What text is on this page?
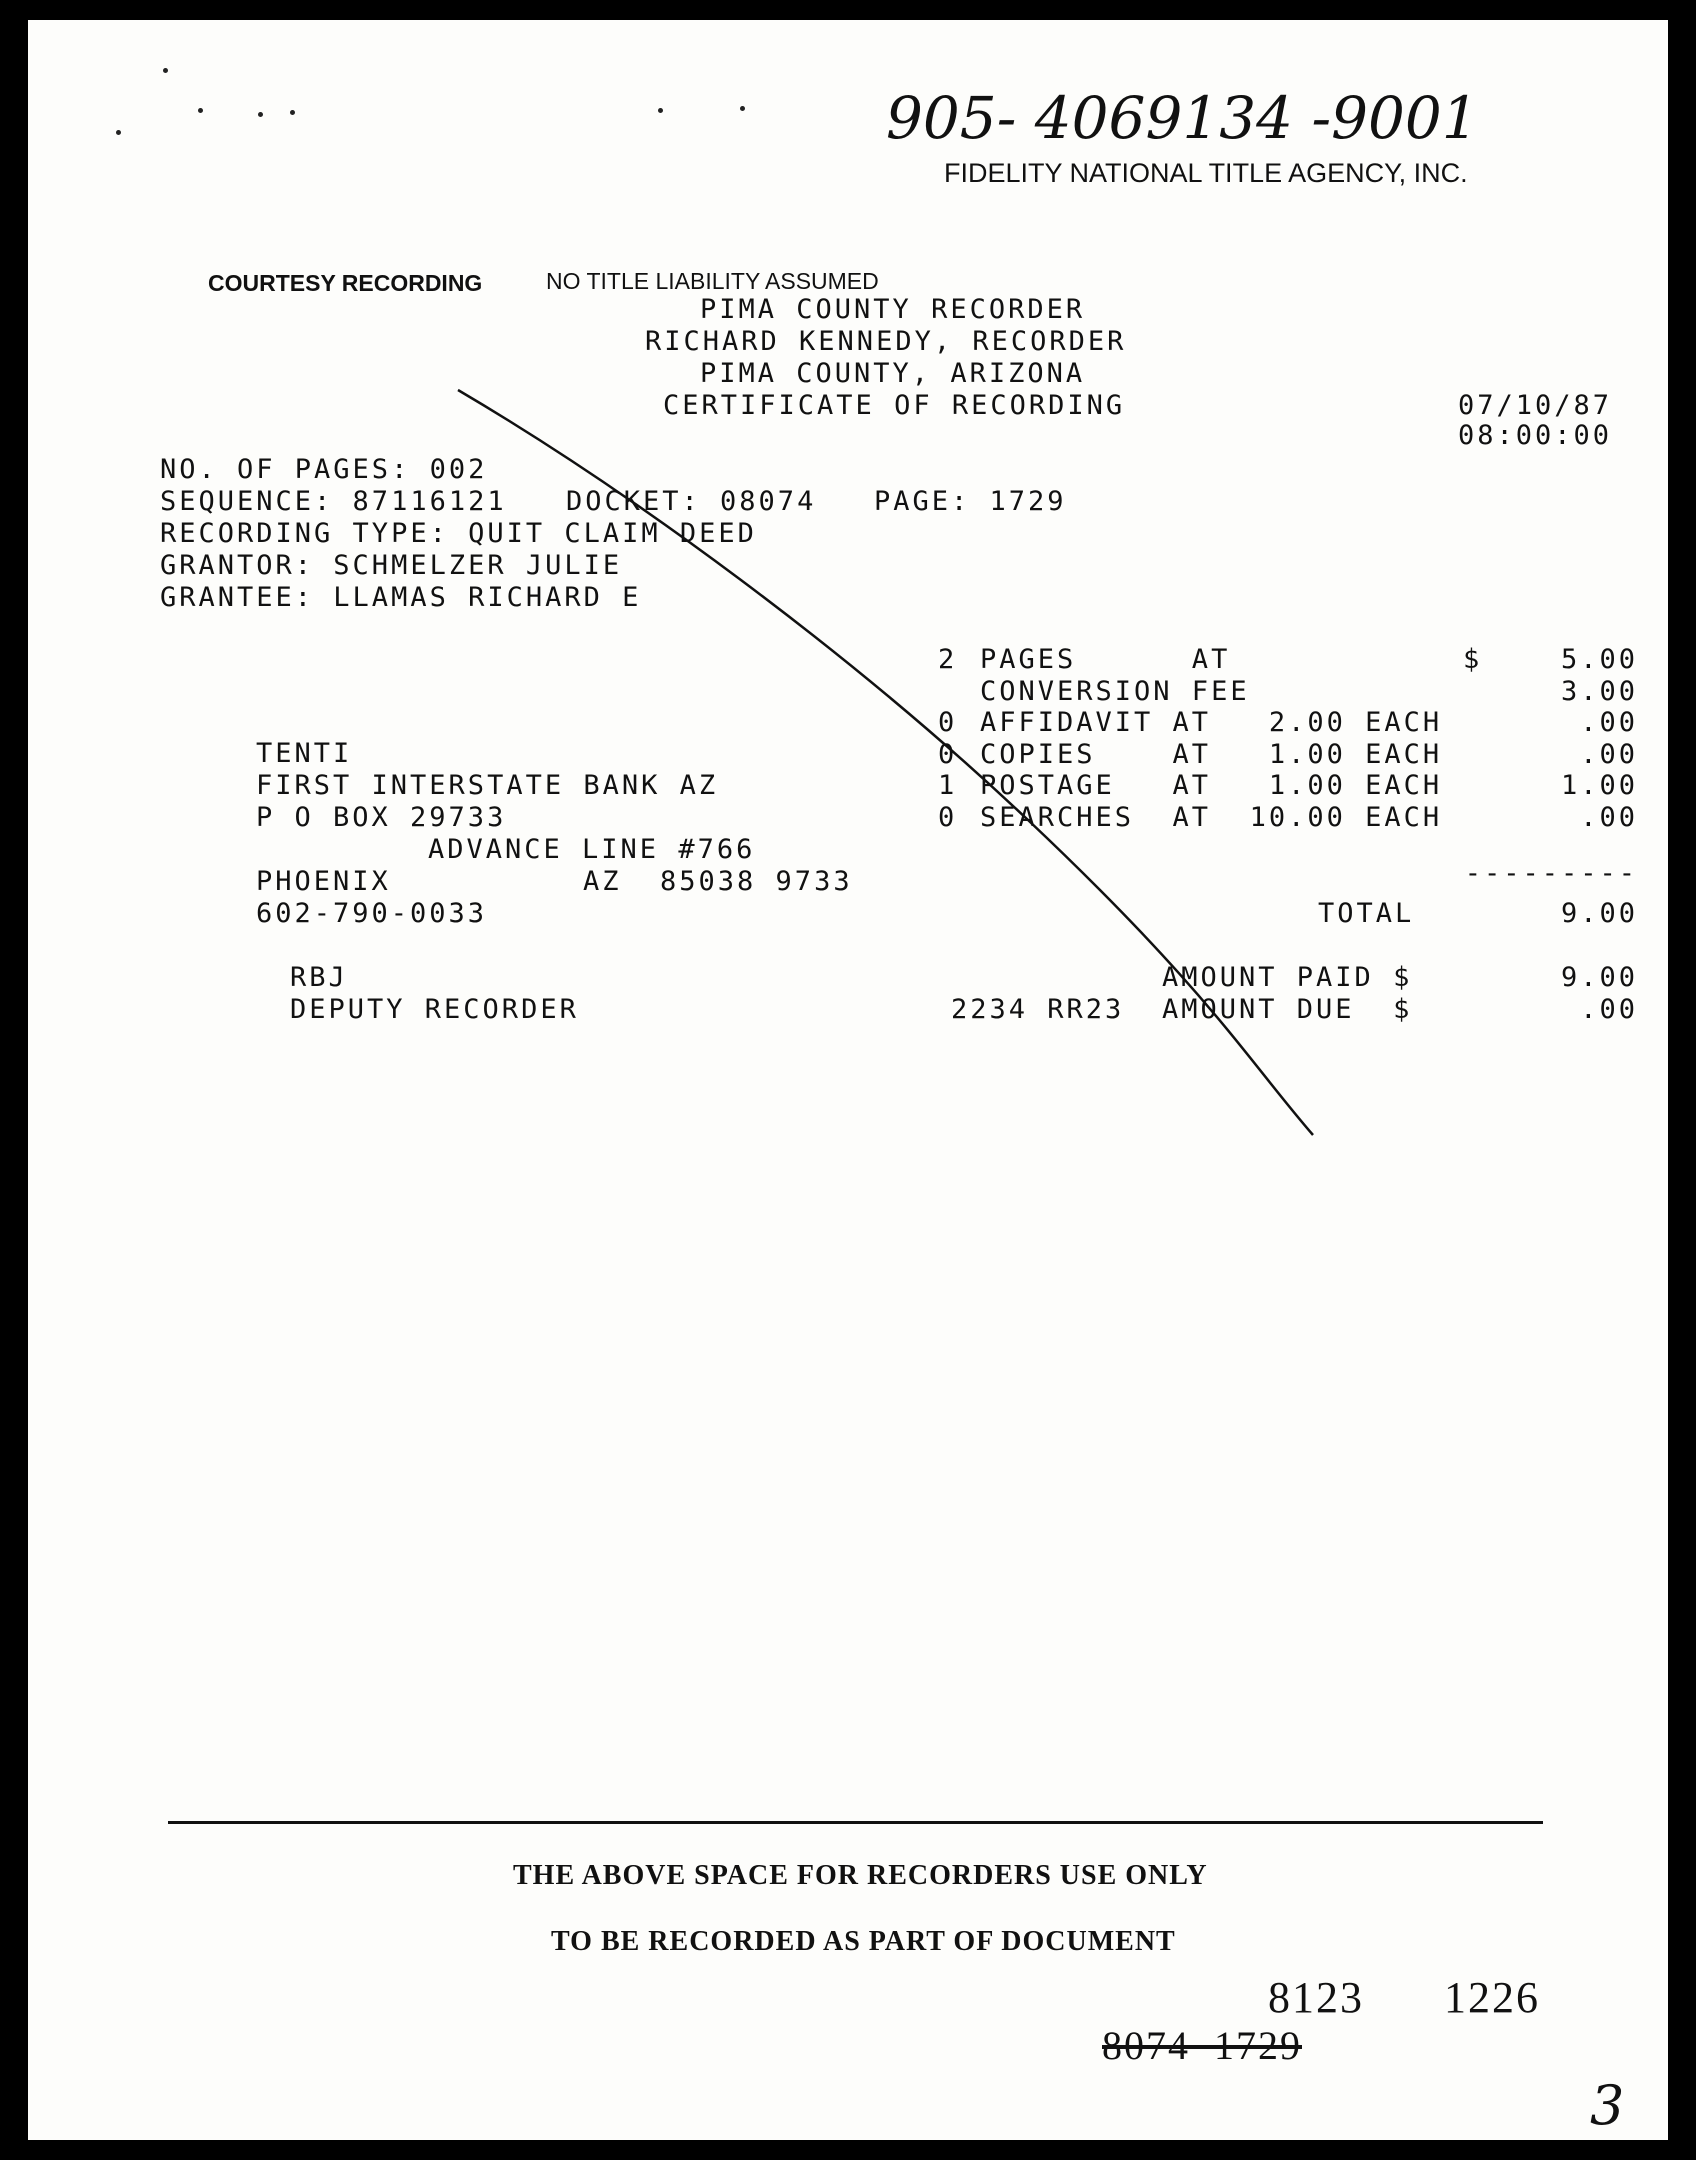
905- 4069134 -9001
FIDELITY NATIONAL TITLE AGENCY, INC.
COURTESY RECORDING	NO TITLE LIABILITY ASSUMED
PIMA COUNTY RECORDER
RICHARD KENNEDY, RECORDER
PIMA COUNTY, ARIZONA
CERTIFICATE OF RECORDING	07/10/87
08:00:00
NO. OF PAGES: 002
SEQUENCE: 87116121 DOCKET: 08074 PAGE: 1729
RECORDING TYPE: QUIT CLAIM DEED
GRANTOR: SCHMELZER JULIE
GRANTEE: LLAMAS RICHARD E
2 PAGES      AT	$	5.00
CONVERSION FEE	3.00
0 AFFIDAVIT AT   2.00 EACH	.00
0 COPIES    AT   1.00 EACH	.00
1 POSTAGE   AT   1.00 EACH	1.00
0 SEARCHES  AT  10.00 EACH	.00
TENTI
FIRST INTERSTATE BANK AZ
P O BOX 29733
ADVANCE LINE #766
PHOENIX	AZ  85038 9733
602-790-0033
---------
TOTAL	9.00
RBJ
DEPUTY RECORDER
AMOUNT PAID $	9.00
2234 RR23 AMOUNT DUE  $	.00
THE ABOVE SPACE FOR RECORDERS USE ONLY
TO BE RECORDED AS PART OF DOCUMENT
8123 1226
8074  1729
3
